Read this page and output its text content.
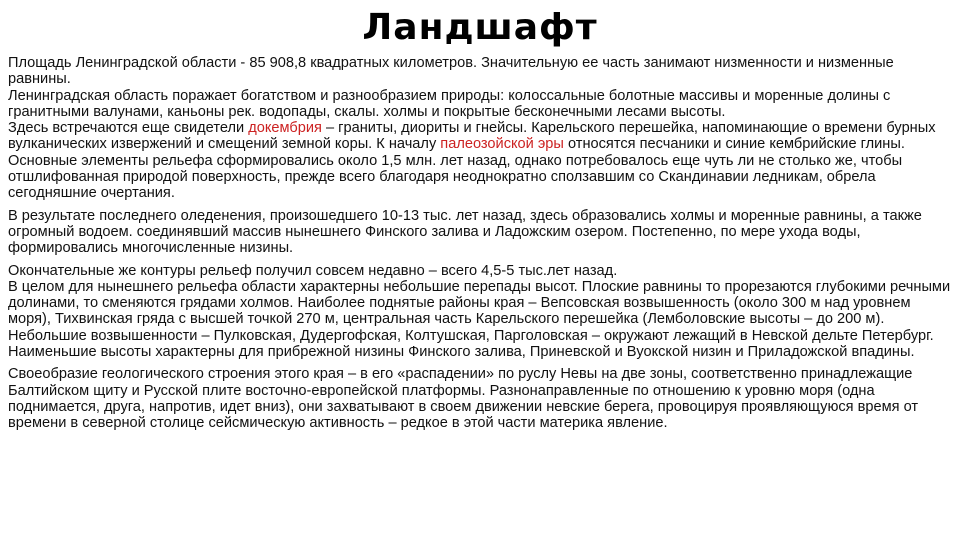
Ландшафт

Площадь Ленинградской области - 85 908,8 квадратных километров. Значительную ее часть занимают низменности и низменные равнины.

Ленинградская область поражает богатством и разнообразием природы: колоссальные болотные массивы и моренные долины с гранитными валунами, каньоны рек. водопады, скалы. холмы и покрытые бесконечными лесами высоты.

Здесь встречаются еще свидетели докембрия – граниты, диориты и гнейсы. Карельского перешейка, напоминающие о времени бурных вулканических извержений и смещений земной коры. К началу палеозойской эры относятся песчаники и синие кембрийские глины. Основные элементы рельефа сформировались около 1,5 млн. лет назад, однако потребовалось еще чуть ли не столько же, чтобы отшлифованная природой поверхность, прежде всего благодаря неоднократно сползавшим со Скандинавии ледникам, обрела сегодняшние очертания.

В результате последнего оледенения, произошедшего 10-13 тыс. лет назад, здесь образовались холмы и моренные равнины, а также огромный водоем. соединявший массив нынешнего Финского залива и Ладожским озером. Постепенно, по мере ухода воды, формировались многочисленные низины.

Окончательные же контуры рельеф получил совсем недавно – всего 4,5-5 тыс.лет назад.

В целом для нынешнего рельефа области характерны небольшие перепады высот. Плоские равнины то прорезаются глубокими речными долинами, то сменяются грядами холмов. Наиболее поднятые районы края – Вепсовская возвышенность (около 300 м над уровнем моря), Тихвинская гряда с высшей точкой 270 м, центральная часть Карельского перешейка (Лемболовские высоты – до 200 м). Небольшие возвышенности – Пулковская, Дудергофская, Колтушская, Парголовская – окружают лежащий в Невской дельте Петербург. Наименьшие высоты характерны для прибрежной низины Финского залива, Приневской и Вуокской низин и Приладожской впадины.

Своеобразие геологического строения этого края – в его «распадении» по руслу Невы на две зоны, соответственно принадлежащие Балтийском щиту и Русской плите восточно-европейской платформы. Разнонаправленные по отношению к уровню моря (одна поднимается, друга, напротив, идет вниз), они захватывают в своем движении невские берега, провоцируя проявляющуюся время от времени в северной столице сейсмическую активность – редкое в этой части материка явление.
